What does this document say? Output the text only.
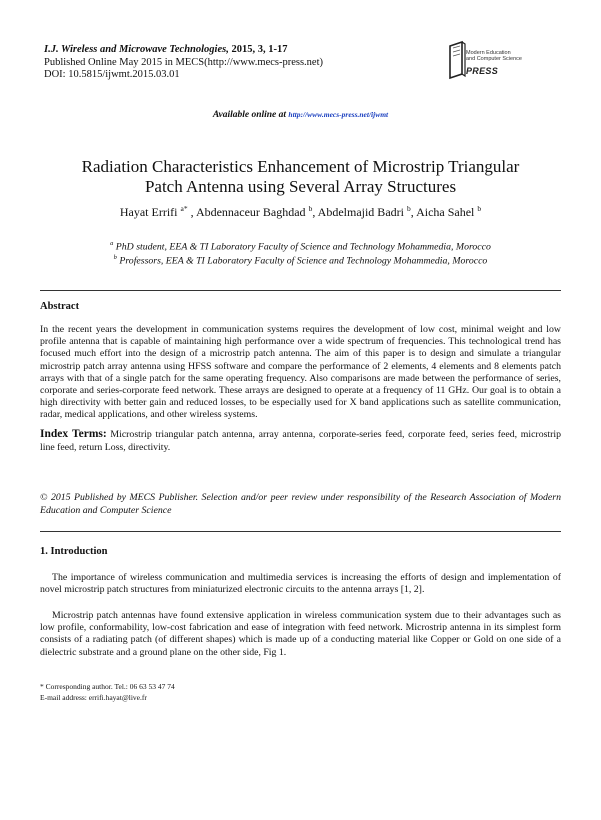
I.J. Wireless and Microwave Technologies, 2015, 3, 1-17
Published Online May 2015 in MECS(http://www.mecs-press.net)
DOI: 10.5815/ijwmt.2015.03.01
Modern Education
and Computer Science
PRESS
Available online at http://www.mecs-press.net/ijwmt
Radiation Characteristics Enhancement of Microstrip Triangular
Patch Antenna using Several Array Structures
Hayat Errifi $^{a*}$ , Abdennaceur Baghdad $^b$, Abdelmajid Badri $^b$, Aicha Sahel $^b$
$^a$ PhD student, EEA & TI Laboratory Faculty of Science and Technology Mohammedia, Morocco
$^b$ Professors, EEA & TI Laboratory Faculty of Science and Technology Mohammedia, Morocco
Abstract
In the recent years the development in communication systems requires the development of low cost, minimal weight and low profile antenna that is capable of maintaining high performance over a wide spectrum of frequencies. This technological trend has focused much effort into the design of a microstrip patch antenna. The aim of this paper is to design and simulate a triangular microstrip patch array antenna using HFSS software and compare the performance of 2 elements, 4 elements and 8 elements patch arrays with that of a single patch for the same operating frequency. Also comparisons are made between the performance of series, corporate and series-corporate feed network. These arrays are designed to operate at a frequency of 11 GHz. Our goal is to obtain a high directivity with better gain and reduced losses, to be especially used for X band applications such as satellite communication, radar, medical applications, and other wireless systems.
Index Terms: Microstrip triangular patch antenna, array antenna, corporate-series feed, corporate feed, series feed, microstrip line feed, return Loss, directivity.
© 2015 Published by MECS Publisher. Selection and/or peer review under responsibility of the Research Association of Modern Education and Computer Science
1. Introduction
The importance of wireless communication and multimedia services is increasing the efforts of design and implementation of novel microstrip patch structures from miniaturized electronic circuits to the antenna arrays [1, 2].
Microstrip patch antennas have found extensive application in wireless communication system due to their advantages such as low profile, conformability, low-cost fabrication and ease of integration with feed network. Microstrip antenna in its simplest form consists of a radiating patch (of different shapes) which is made up of a conducting material like Copper or Gold on one side of a dielectric substrate and a ground plane on the other side, Fig 1.
* Corresponding author. Tel.: 06 63 53 47 74
E-mail address: errifi.hayat@live.fr
